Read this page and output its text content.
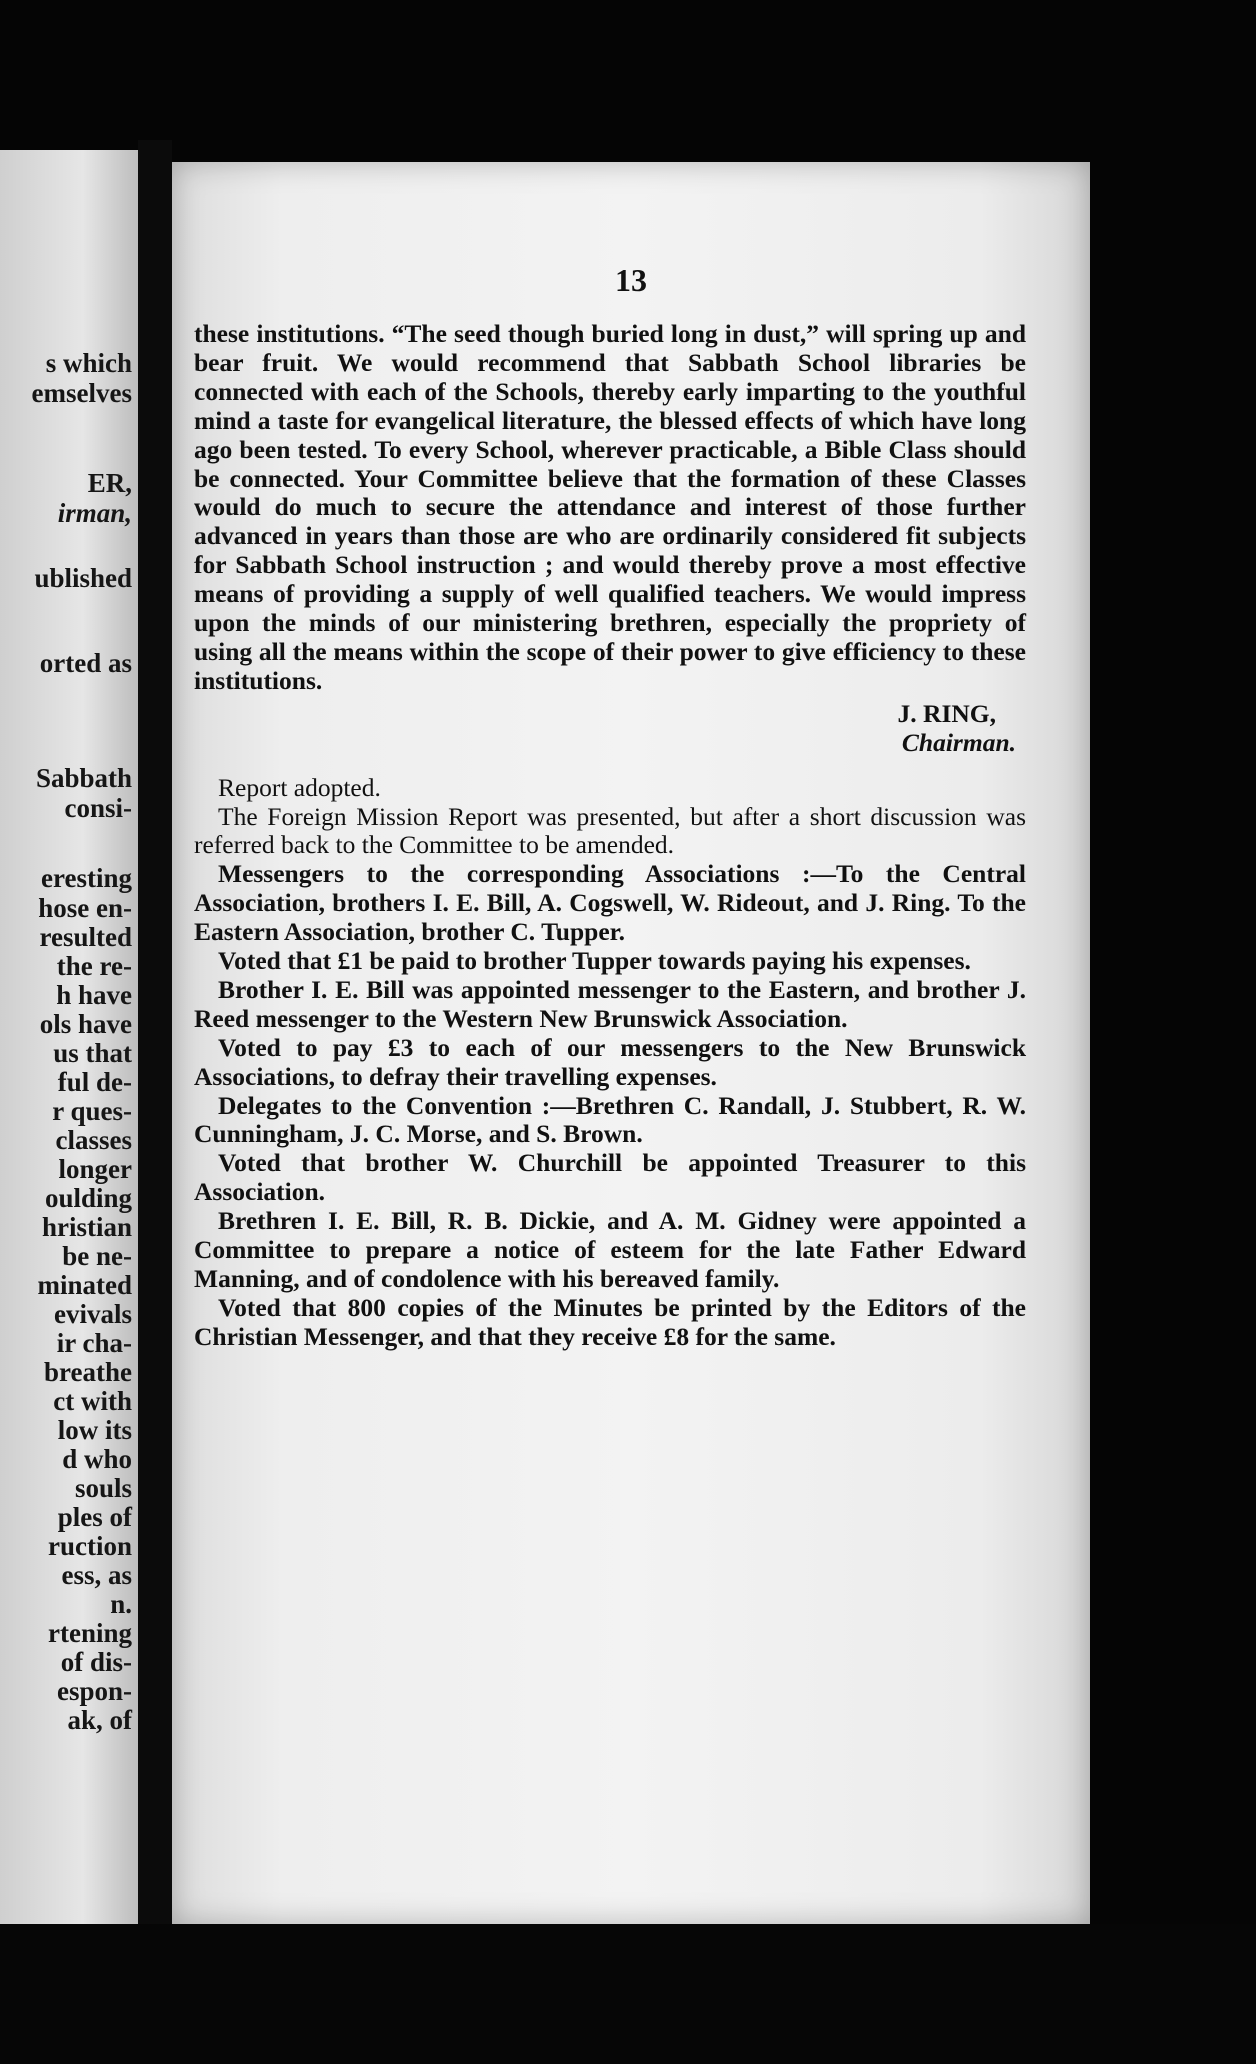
s which

emselves

ER,

irman,

ublished

orted as

Sabbath

consi-

eresting

hose en-

resulted

the re-

h have

ols have

us that

ful de-

r ques-

classes

longer

oulding

hristian

be ne-

minated

evivals

ir cha-

breathe

ct with

low its

d who

souls

ples of

ruction

ess, as

n.

rtening

of dis-

espon-

ak, of

13

these institutions. “The seed though buried long in dust,” will spring up and bear fruit. We would recommend that Sabbath School libraries be connected with each of the Schools, thereby early imparting to the youthful mind a taste for evangelical literature, the blessed effects of which have long ago been tested. To every School, wherever practicable, a Bible Class should be connected. Your Committee believe that the formation of these Classes would do much to secure the attendance and interest of those further advanced in years than those are who are ordinarily considered fit subjects for Sabbath School instruction ; and would thereby prove a most effective means of providing a supply of well qualified teachers. We would impress upon the minds of our ministering brethren, especially the propriety of using all the means within the scope of their power to give efficiency to these institutions.

J. RING,

Chairman.

Report adopted.

The Foreign Mission Report was presented, but after a short discussion was referred back to the Committee to be amended.

Messengers to the corresponding Associations :—To the Central Association, brothers I. E. Bill, A. Cogswell, W. Rideout, and J. Ring. To the Eastern Association, brother C. Tupper.

Voted that £1 be paid to brother Tupper towards paying his expenses.

Brother I. E. Bill was appointed messenger to the Eastern, and brother J. Reed messenger to the Western New Brunswick Association.

Voted to pay £3 to each of our messengers to the New Brunswick Associations, to defray their travelling expenses.

Delegates to the Convention :—Brethren C. Randall, J. Stubbert, R. W. Cunningham, J. C. Morse, and S. Brown.

Voted that brother W. Churchill be appointed Treasurer to this Association.

Brethren I. E. Bill, R. B. Dickie, and A. M. Gidney were appointed a Committee to prepare a notice of esteem for the late Father Edward Manning, and of condolence with his bereaved family.

Voted that 800 copies of the Minutes be printed by the Editors of the Christian Messenger, and that they receive £8 for the same.
